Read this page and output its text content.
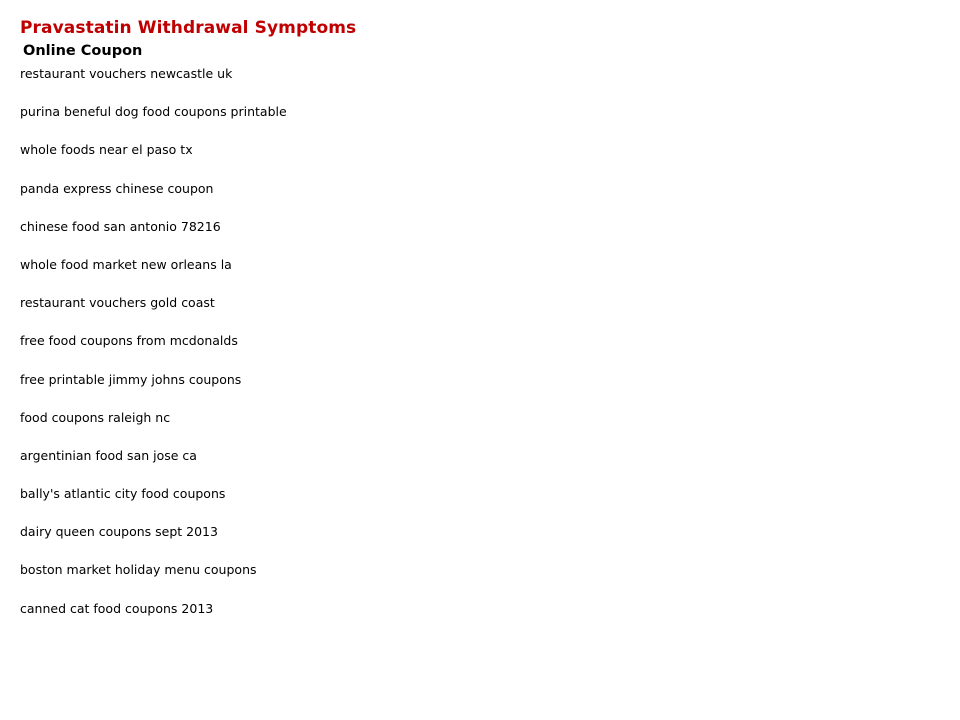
Pravastatin Withdrawal Symptoms
Online Coupon
restaurant vouchers newcastle uk
purina beneful dog food coupons printable
whole foods near el paso tx
panda express chinese coupon
chinese food san antonio 78216
whole food market new orleans la
restaurant vouchers gold coast
free food coupons from mcdonalds
free printable jimmy johns coupons
food coupons raleigh nc
argentinian food san jose ca
bally's atlantic city food coupons
dairy queen coupons sept 2013
boston market holiday menu coupons
canned cat food coupons 2013
